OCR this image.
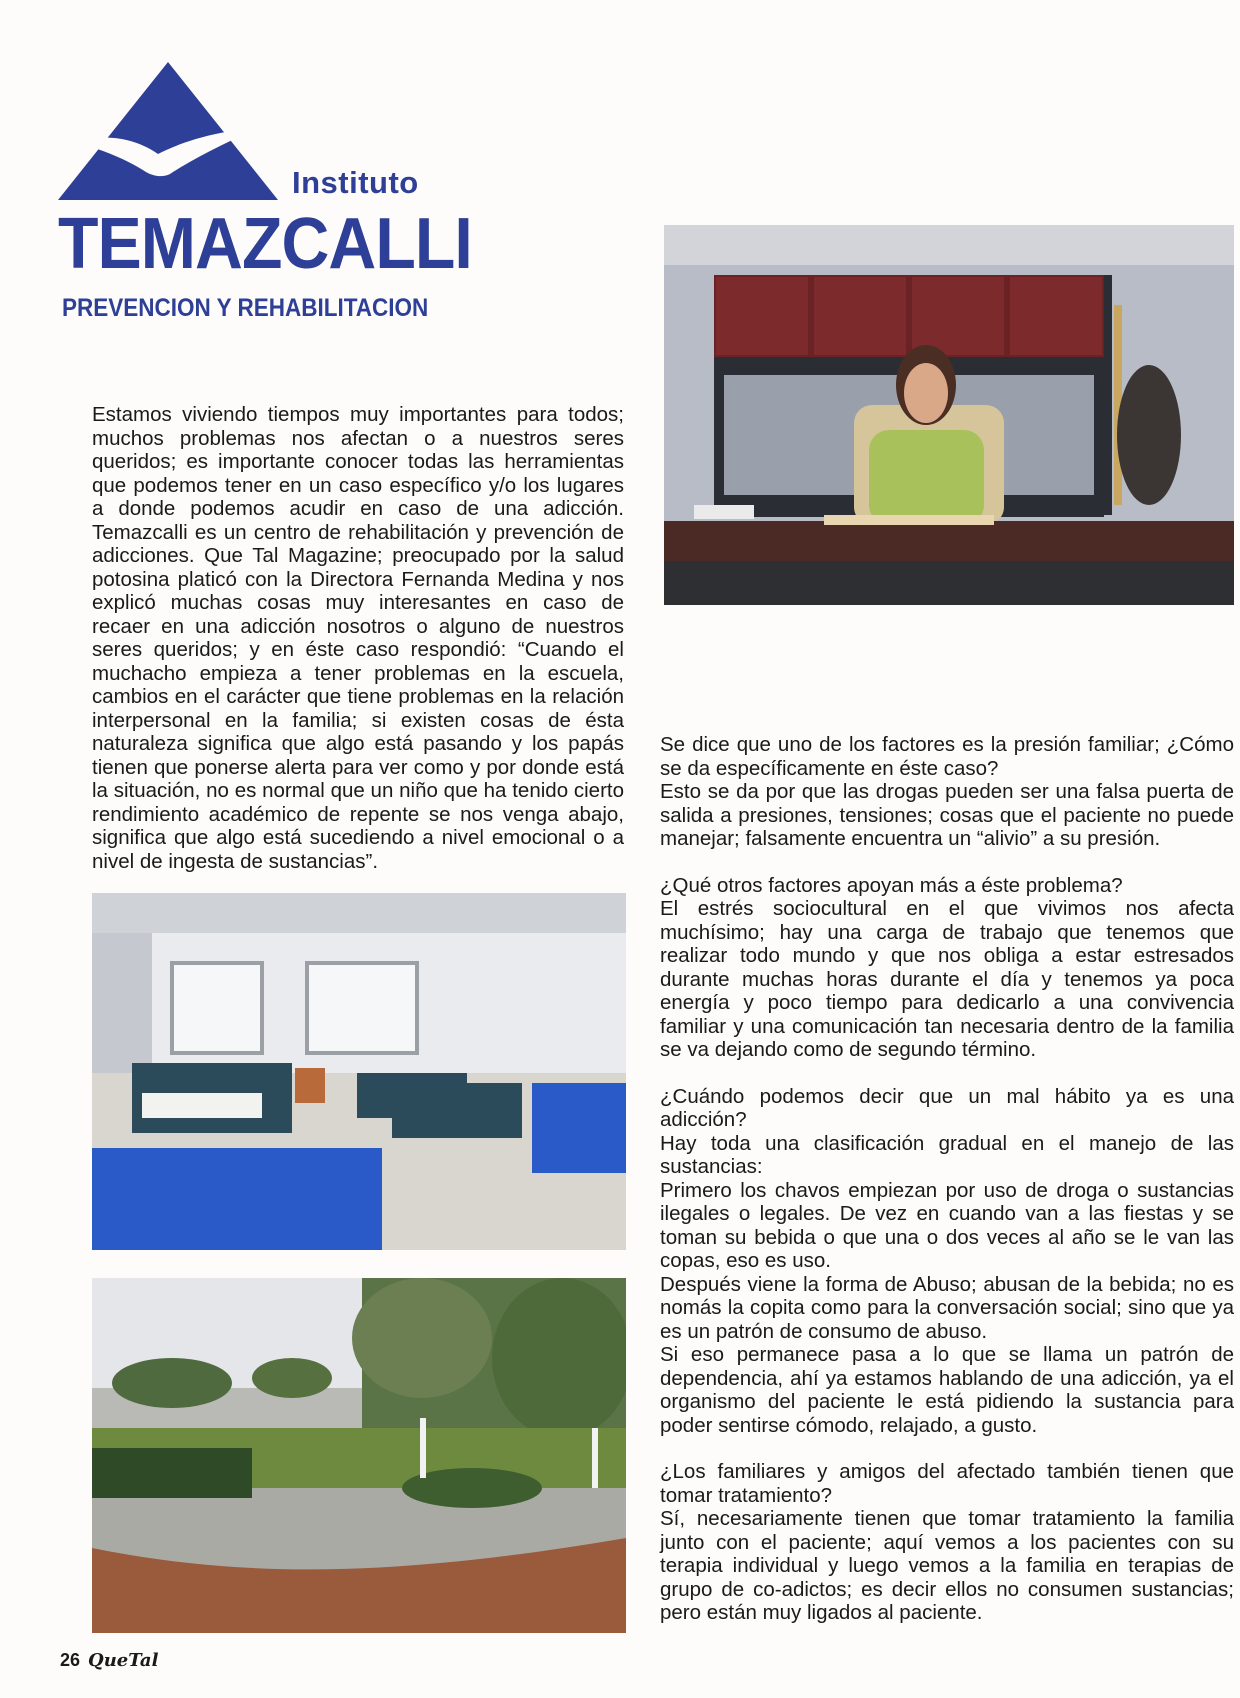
Instituto
TEMAZCALLI
PREVENCION Y REHABILITACION

Estamos viviendo tiempos muy importantes para todos; muchos problemas nos afectan o a nuestros seres queridos; es importante conocer todas las herramientas que podemos tener en un caso específico y/o los lugares a donde podemos acudir en caso de una adicción. Temazcalli es un centro de rehabilitación y prevención de adicciones. Que Tal Magazine; preocupado por la salud potosina platicó con la Directora Fernanda Medina y nos explicó muchas cosas muy interesantes en caso de recaer en una adicción nosotros o alguno de nuestros seres queridos; y en éste caso respondió: “Cuando el muchacho empieza a tener problemas en la escuela, cambios en el carácter que tiene problemas en la relación interpersonal en la familia; si existen cosas de ésta naturaleza significa que algo está pasando y los papás tienen que ponerse alerta para ver como y por donde está la situación, no es normal que un niño que ha tenido cierto rendimiento académico de repente se nos venga abajo, significa que algo está sucediendo a nivel emocional o a nivel de ingesta de sustancias”.

Se dice que uno de los factores es la presión familiar; ¿Cómo se da específicamente en éste caso?

Esto se da por que las drogas pueden ser una falsa puerta de salida a presiones, tensiones; cosas que el paciente no puede manejar; falsamente encuentra un “alivio” a su presión.

¿Qué otros factores apoyan más a éste problema?

El estrés sociocultural en el que vivimos nos afecta muchísimo; hay una carga de trabajo que tenemos que realizar todo mundo y que nos obliga a estar estresados durante muchas horas durante el día y tenemos ya poca energía y poco tiempo para dedicarlo a una convivencia familiar y una comunicación tan necesaria dentro de la familia se va dejando como de segundo término.

¿Cuándo podemos decir que un mal hábito ya es una adicción?

Hay toda una clasificación gradual en el manejo de las sustancias:

Primero los chavos empiezan por uso de droga o sustancias ilegales o legales. De vez en cuando van a las fiestas y se toman su bebida o que una o dos veces al año se le van las copas, eso es uso.

Después viene la forma de Abuso; abusan de la bebida; no es nomás la copita como para la conversación social; sino que ya es un patrón de consumo de abuso.

Si eso permanece pasa a lo que se llama un patrón de dependencia, ahí ya estamos hablando de una adicción, ya el organismo del paciente le está pidiendo la sustancia para poder sentirse cómodo, relajado, a gusto.

¿Los familiares y amigos del afectado también tienen que tomar tratamiento?

Sí, necesariamente tienen que tomar tratamiento la familia junto con el paciente; aquí vemos a los pacientes con su terapia individual y luego vemos a la familia en terapias de grupo de co-adictos; es decir ellos no consumen sustancias; pero están muy ligados al paciente.

26 QueTal
